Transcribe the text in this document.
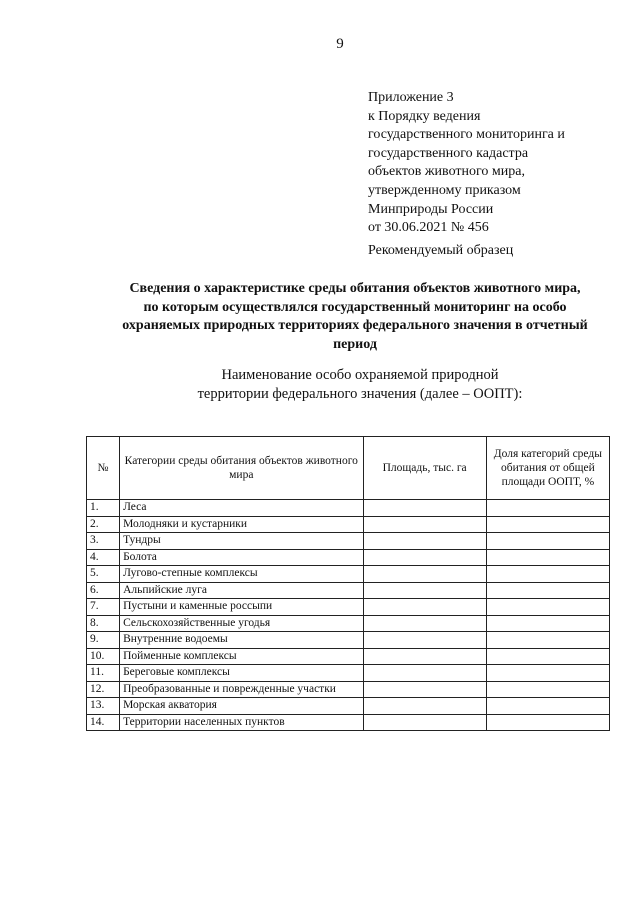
9
Приложение 3
к Порядку ведения
государственного мониторинга и
государственного кадастра
объектов животного мира,
утвержденному приказом
Минприроды России
от 30.06.2021 № 456
Рекомендуемый образец
Сведения о характеристике среды обитания объектов животного мира,
по которым осуществлялся государственный мониторинг на особо
охраняемых природных территориях федерального значения в отчетный
период
Наименование особо охраняемой природной
территории федерального значения (далее – ООПТ):
№	Категории среды обитания объектов животного мира	Площадь, тыс. га	Доля категорий среды обитания от общей площади ООПТ, %
1.	Леса		
2.	Молодняки и кустарники		
3.	Тундры		
4.	Болота		
5.	Лугово-степные комплексы		
6.	Альпийские луга		
7.	Пустыни и каменные россыпи		
8.	Сельскохозяйственные угодья		
9.	Внутренние водоемы		
10.	Пойменные комплексы		
11.	Береговые комплексы		
12.	Преобразованные и поврежденные участки		
13.	Морская акватория		
14.	Территории населенных пунктов		
